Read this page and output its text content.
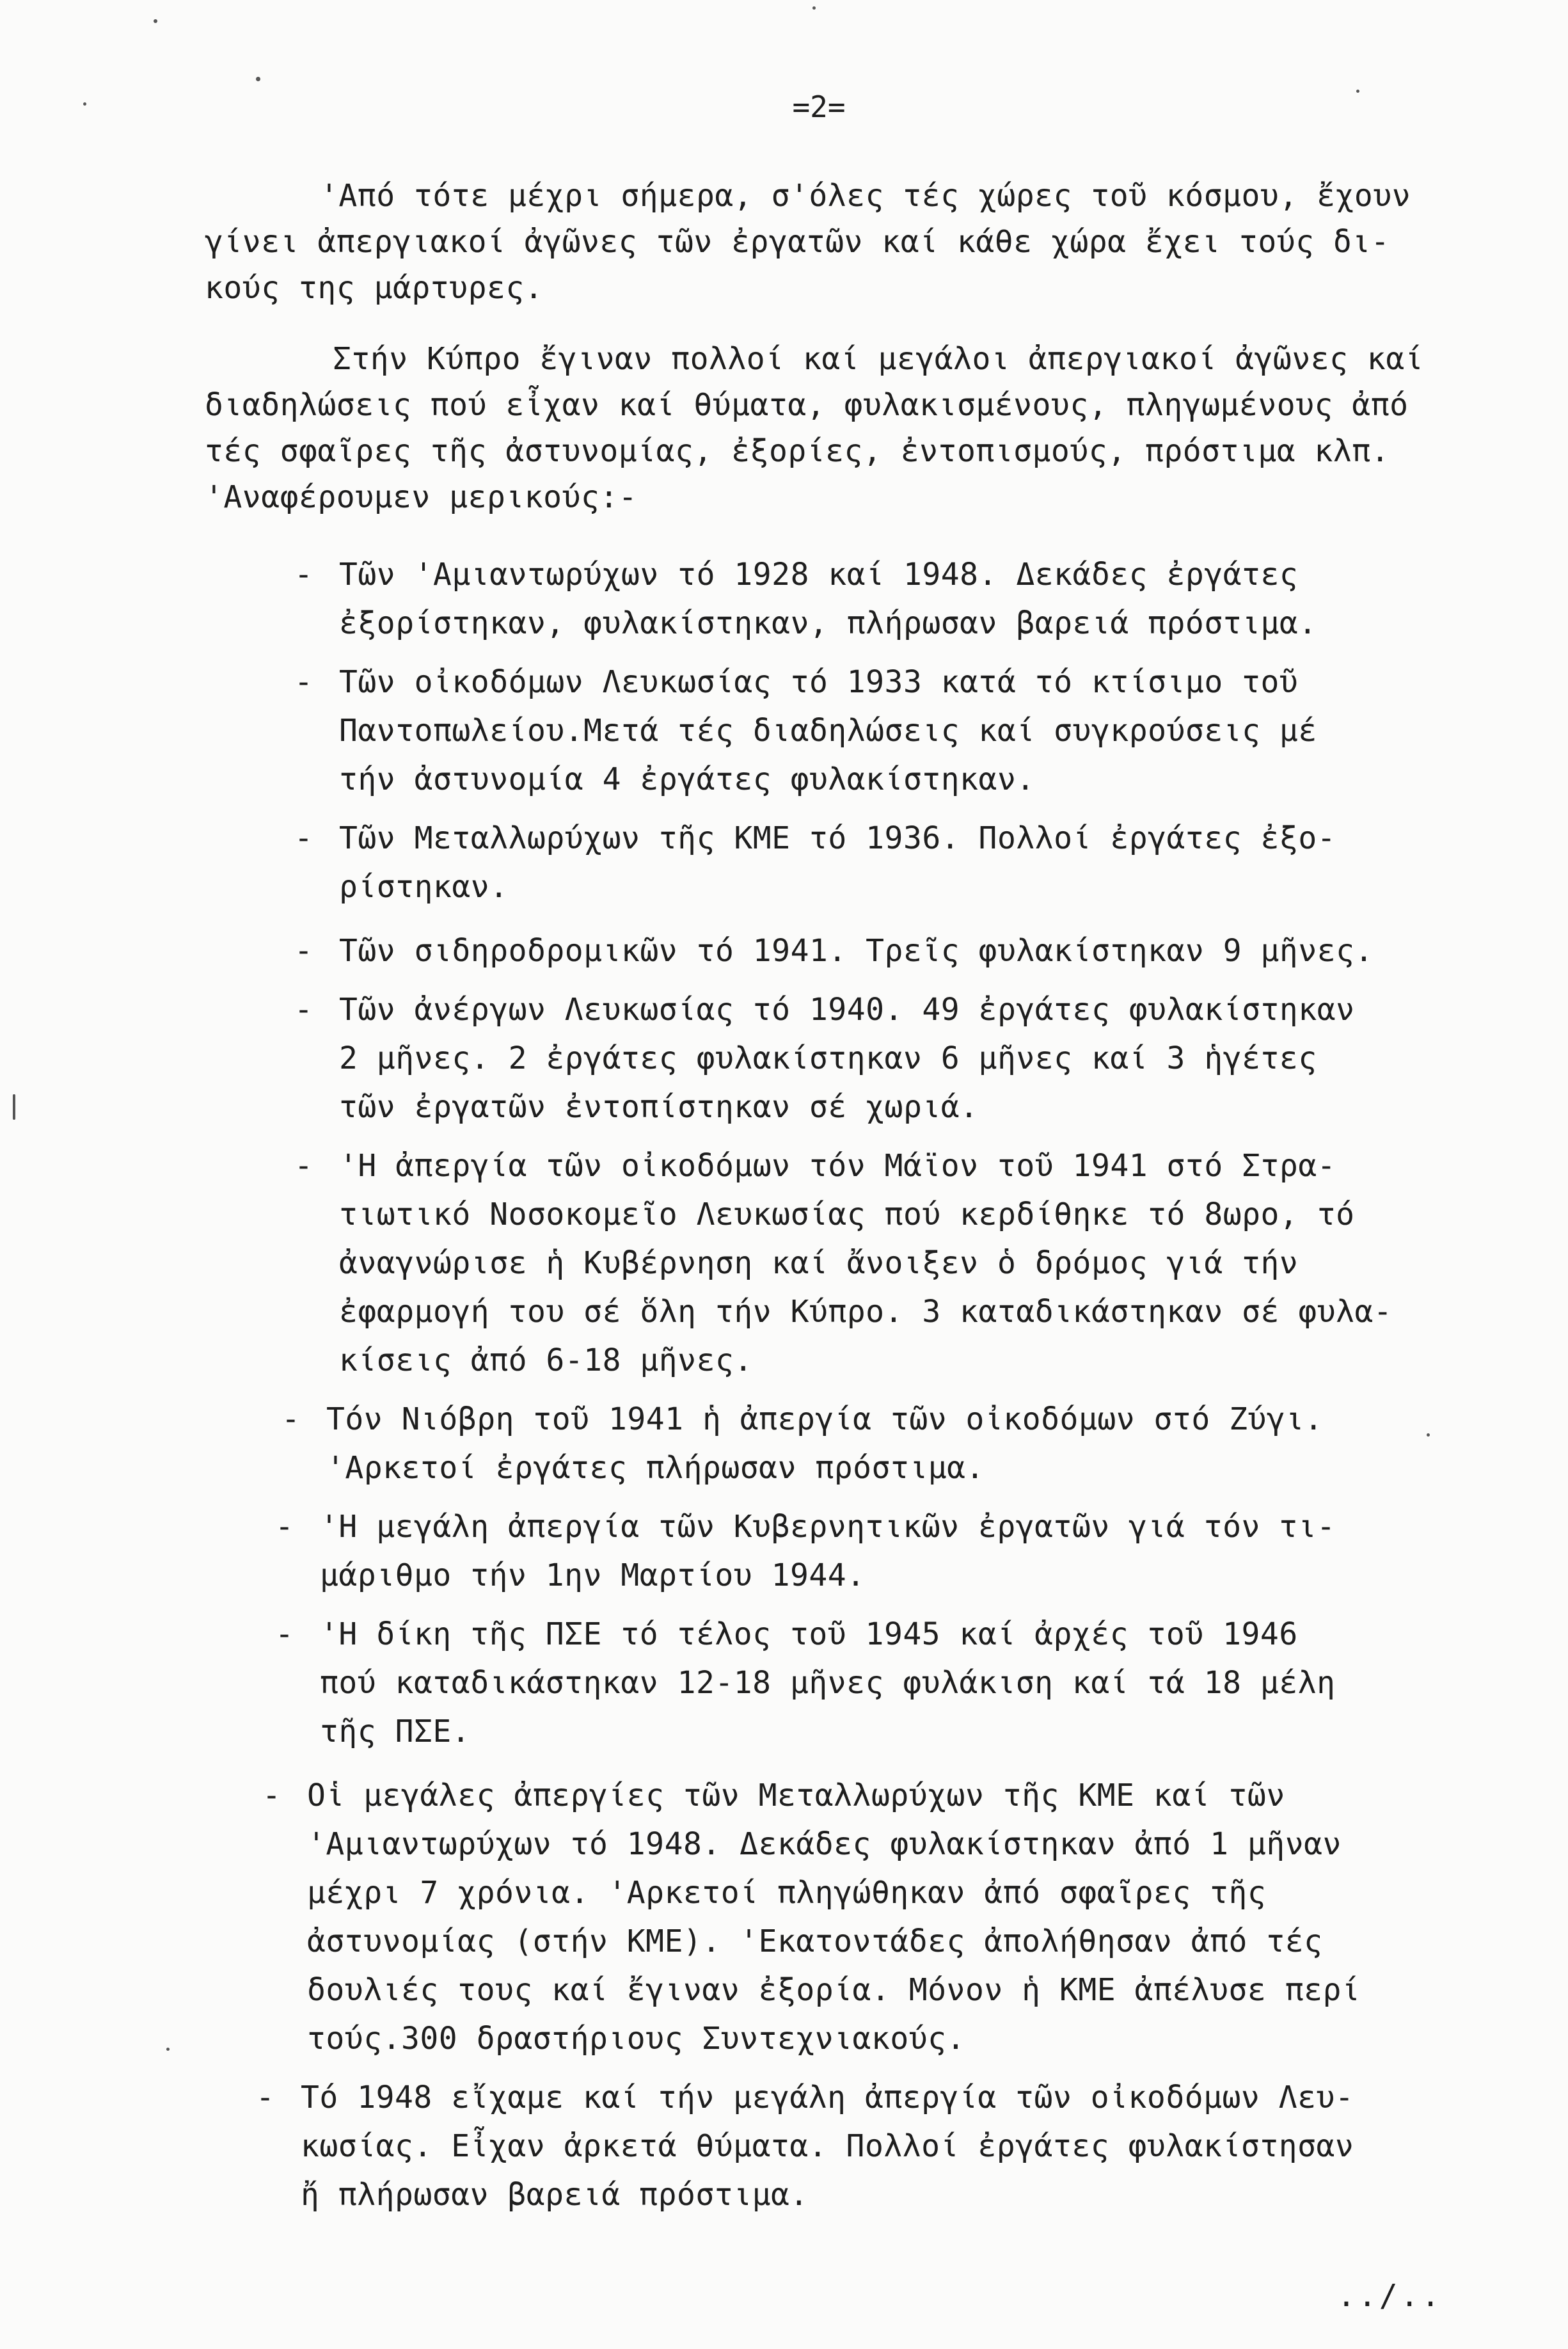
=2=

'Από τότε μέχρι σήμερα, σ'όλες τές χώρες τοῦ κόσμου, ἔχουν
γίνει ἀπεργιακοί ἀγῶνες τῶν ἐργατῶν καί κάθε χώρα ἔχει τούς δι-
κούς της μάρτυρες.

Στήν Κύπρο ἔγιναν πολλοί καί μεγάλοι ἀπεργιακοί ἀγῶνες καί
διαδηλώσεις πού εἶχαν καί θύματα, φυλακισμένους, πληγωμένους ἀπό
τές σφαῖρες τῆς ἀστυνομίας, ἐξορίες, ἐντοπισμούς, πρόστιμα κλπ.
'Αναφέρουμεν μερικούς:-

- Τῶν 'Αμιαντωρύχων τό 1928 καί 1948. Δεκάδες ἐργάτες
ἐξορίστηκαν, φυλακίστηκαν, πλήρωσαν βαρειά πρόστιμα.
- Τῶν οἰκοδόμων Λευκωσίας τό 1933 κατά τό κτίσιμο τοῦ
Παντοπωλείου.Μετά τές διαδηλώσεις καί συγκρούσεις μέ
τήν ἀστυνομία 4 ἐργάτες φυλακίστηκαν.
- Τῶν Μεταλλωρύχων τῆς ΚΜΕ τό 1936. Πολλοί ἐργάτες ἐξο-
ρίστηκαν.
- Τῶν σιδηροδρομικῶν τό 1941. Τρεῖς φυλακίστηκαν 9 μῆνες.
- Τῶν ἀνέργων Λευκωσίας τό 1940. 49 ἐργάτες φυλακίστηκαν
2 μῆνες. 2 ἐργάτες φυλακίστηκαν 6 μῆνες καί 3 ἡγέτες
τῶν ἐργατῶν ἐντοπίστηκαν σέ χωριά.
- 'Η ἀπεργία τῶν οἰκοδόμων τόν Μάϊον τοῦ 1941 στό Στρα-
τιωτικό Νοσοκομεῖο Λευκωσίας πού κερδίθηκε τό 8ωρο, τό
ἀναγνώρισε ἡ Κυβέρνηση καί ἄνοιξεν ὁ δρόμος γιά τήν
ἐφαρμογή του σέ ὅλη τήν Κύπρο. 3 καταδικάστηκαν σέ φυλα-
κίσεις ἀπό 6-18 μῆνες.
- Τόν Νιόβρη τοῦ 1941 ἡ ἀπεργία τῶν οἰκοδόμων στό Ζύγι.
'Αρκετοί ἐργάτες πλήρωσαν πρόστιμα.
- 'Η μεγάλη ἀπεργία τῶν Κυβερνητικῶν ἐργατῶν γιά τόν τι-
μάριθμο τήν 1ην Μαρτίου 1944.
- 'Η δίκη τῆς ΠΣΕ τό τέλος τοῦ 1945 καί ἀρχές τοῦ 1946
πού καταδικάστηκαν 12-18 μῆνες φυλάκιση καί τά 18 μέλη
τῆς ΠΣΕ.
- Οἱ μεγάλες ἀπεργίες τῶν Μεταλλωρύχων τῆς ΚΜΕ καί τῶν
'Αμιαντωρύχων τό 1948. Δεκάδες φυλακίστηκαν ἀπό 1 μῆναν
μέχρι 7 χρόνια. 'Αρκετοί πληγώθηκαν ἀπό σφαῖρες τῆς
ἀστυνομίας (στήν ΚΜΕ). 'Εκατοντάδες ἀπολήθησαν ἀπό τές
δουλιές τους καί ἔγιναν ἐξορία. Μόνον ἡ ΚΜΕ ἀπέλυσε περί
τούς.300 δραστήριους Συντεχνιακούς.
- Τό 1948 εἴχαμε καί τήν μεγάλη ἀπεργία τῶν οἰκοδόμων Λευ-
κωσίας. Εἶχαν ἀρκετά θύματα. Πολλοί ἐργάτες φυλακίστησαν
ἤ πλήρωσαν βαρειά πρόστιμα.
../..
